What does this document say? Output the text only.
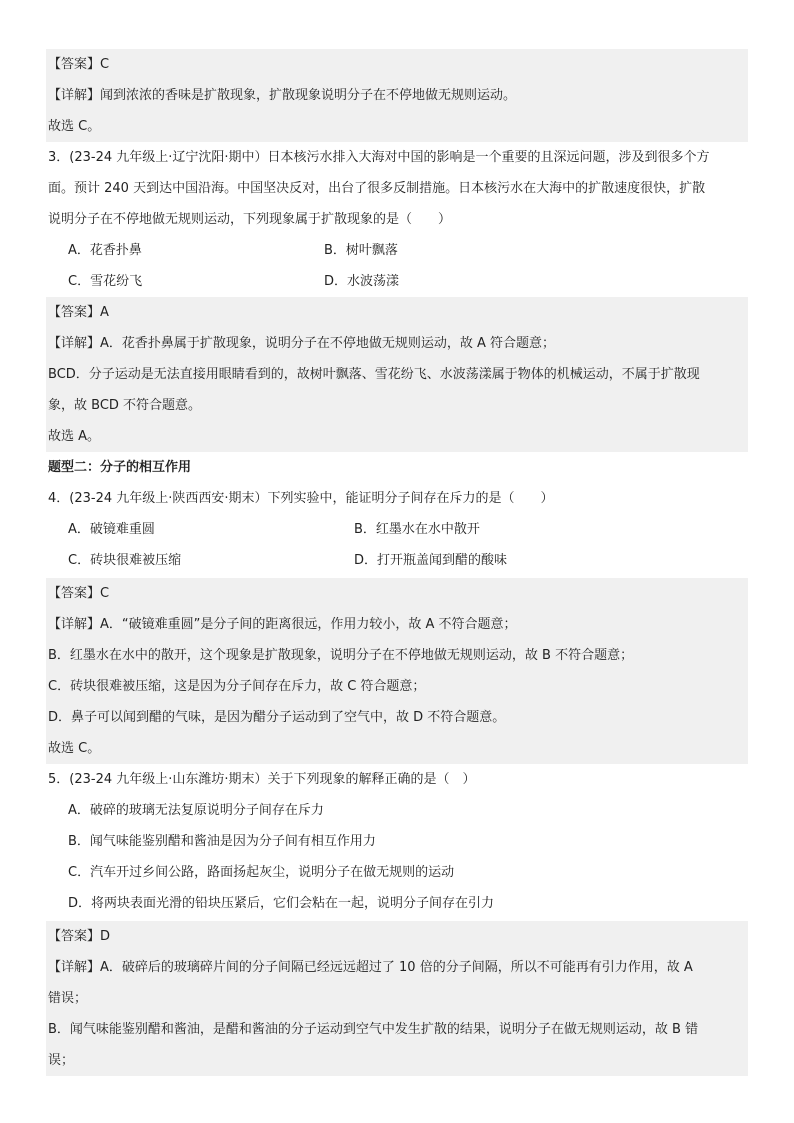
【答案】C
【详解】闻到浓浓的香味是扩散现象，扩散现象说明分子在不停地做无规则运动。
故选 C。
3．(23-24 九年级上·辽宁沈阳·期中）日本核污水排入大海对中国的影响是一个重要的且深远问题，涉及到很多个方
面。预计 240 天到达中国沿海。中国坚决反对，出台了很多反制措施。日本核污水在大海中的扩散速度很快，扩散
说明分子在不停地做无规则运动，下列现象属于扩散现象的是（　　）
A．花香扑鼻	B．树叶飘落
C．雪花纷飞	D．水波荡漾
【答案】A
【详解】A．花香扑鼻属于扩散现象，说明分子在不停地做无规则运动，故 A 符合题意；
BCD．分子运动是无法直接用眼睛看到的，故树叶飘落、雪花纷飞、水波荡漾属于物体的机械运动，不属于扩散现
象，故 BCD 不符合题意。
故选 A。
题型二：分子的相互作用
4．(23-24 九年级上·陕西西安·期末）下列实验中，能证明分子间存在斥力的是（　　）
A．破镜难重圆	B．红墨水在水中散开
C．砖块很难被压缩	D．打开瓶盖闻到醋的酸味
【答案】C
【详解】A．“破镜难重圆”是分子间的距离很远，作用力较小，故 A 不符合题意；
B．红墨水在水中的散开，这个现象是扩散现象，说明分子在不停地做无规则运动，故 B 不符合题意；
C．砖块很难被压缩，这是因为分子间存在斥力，故 C 符合题意；
D．鼻子可以闻到醋的气味，是因为醋分子运动到了空气中，故 D 不符合题意。
故选 C。
5．(23-24 九年级上·山东潍坊·期末）关于下列现象的解释正确的是（　）
A．破碎的玻璃无法复原说明分子间存在斥力
B．闻气味能鉴别醋和酱油是因为分子间有相互作用力
C．汽车开过乡间公路，路面扬起灰尘，说明分子在做无规则的运动
D．将两块表面光滑的铅块压紧后，它们会粘在一起，说明分子间存在引力
【答案】D
【详解】A．破碎后的玻璃碎片间的分子间隔已经远远超过了 10 倍的分子间隔，所以不可能再有引力作用，故 A
错误；
B．闻气味能鉴别醋和酱油，是醋和酱油的分子运动到空气中发生扩散的结果，说明分子在做无规则运动，故 B 错
误；
